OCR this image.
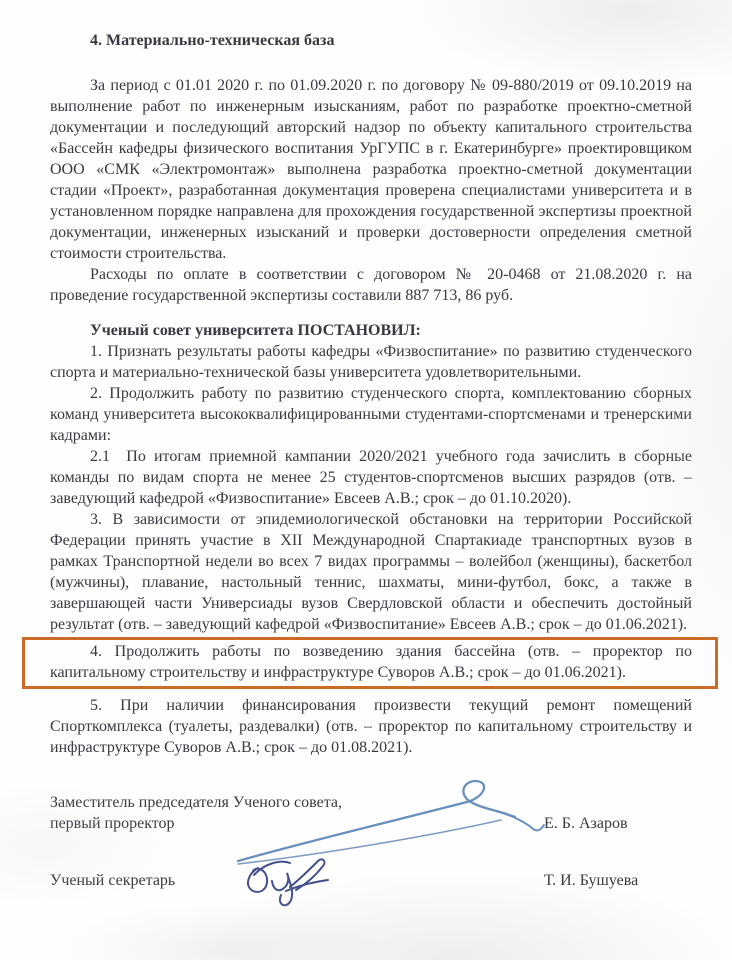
4. Материально-техническая база

За период с 01.01 2020 г. по 01.09.2020 г. по договору № 09-880/2019 от 09.10.2019 на выполнение работ по инженерным изысканиям, работ по разработке проектно-сметной документации и последующий авторский надзор по объекту капитального строительства «Бассейн кафедры физического воспитания УрГУПС в г. Екатеринбурге» проектировщиком ООО «СМК «Электромонтаж» выполнена разработка проектно-сметной документации стадии «Проект», разработанная документация проверена специалистами университета и в установленном порядке направлена для прохождения государственной экспертизы проектной документации, инженерных изысканий и проверки достоверности определения сметной стоимости строительства.

Расходы по оплате в соответствии с договором № 20-0468 от 21.08.2020 г. на проведение государственной экспертизы составили 887 713, 86 руб.

Ученый совет университета ПОСТАНОВИЛ:

1. Признать результаты работы кафедры «Физвоспитание» по развитию студенческого спорта и материально-технической базы университета удовлетворительными.

2. Продолжить работу по развитию студенческого спорта, комплектованию сборных команд университета высококвалифицированными студентами-спортсменами и тренерскими кадрами:

2.1  По итогам приемной кампании 2020/2021 учебного года зачислить в сборные команды по видам спорта не менее 25 студентов-спортсменов высших разрядов (отв. – заведующий кафедрой «Физвоспитание» Евсеев А.В.; срок – до 01.10.2020).

3. В зависимости от эпидемиологической обстановки на территории Российской Федерации принять участие в XII Международной Спартакиаде транспортных вузов в рамках Транспортной недели во всех 7 видах программы – волейбол (женщины), баскетбол (мужчины), плавание, настольный теннис, шахматы, мини-футбол, бокс, а также в завершающей части Универсиады вузов Свердловской области и обеспечить достойный результат (отв. – заведующий кафедрой «Физвоспитание» Евсеев А.В.; срок – до 01.06.2021).

4. Продолжить работы по возведению здания бассейна (отв. – проректор по капитальному строительству и инфраструктуре Суворов А.В.; срок – до 01.06.2021).

5. При наличии финансирования произвести текущий ремонт помещений Спорткомплекса (туалеты, раздевалки) (отв. – проректор по капитальному строительству и инфраструктуре Суворов А.В.; срок – до 01.08.2021).

Заместитель председателя Ученого совета,
первый проректор	Е. Б. Азаров
Ученый секретарь	Т. И. Бушуева
